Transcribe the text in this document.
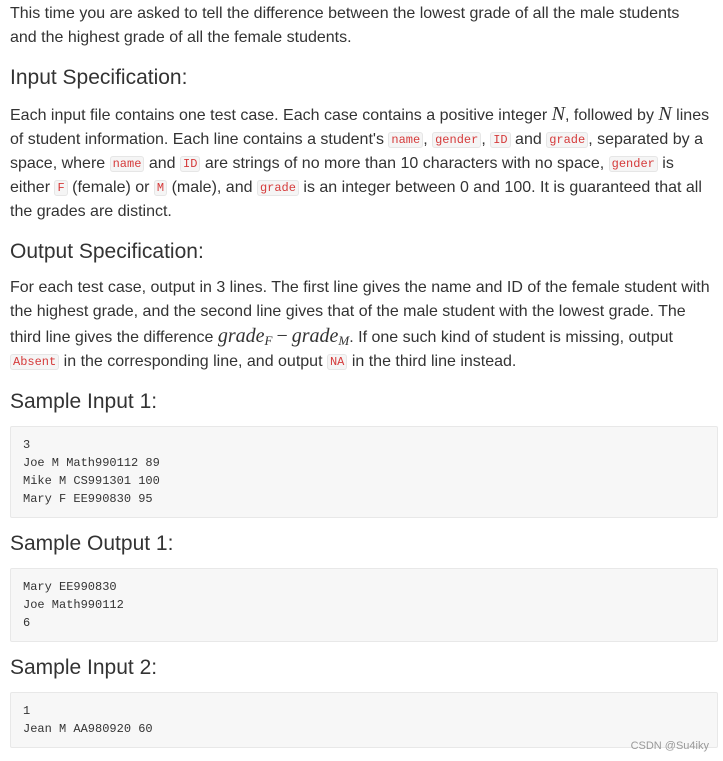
This time you are asked to tell the difference between the lowest grade of all the male students
and the highest grade of all the female students.

Input Specification:

Each input file contains one test case. Each case contains a positive integer N, followed by N lines of student information. Each line contains a student's name , gender , ID and grade , separated by a space, where name and ID are strings of no more than 10 characters with no space, gender is either F (female) or M (male), and grade is an integer between 0 and 100. It is guaranteed that all the grades are distinct.

Output Specification:

For each test case, output in 3 lines. The first line gives the name and ID of the female student with the highest grade, and the second line gives that of the male student with the lowest grade. The third line gives the difference grade$_F$ − grade$_M$. If one such kind of student is missing, output Absent in the corresponding line, and output NA in the third line instead.

Sample Input 1:
3
Joe M Math990112 89
Mike M CS991301 100
Mary F EE990830 95
Sample Output 1:
Mary EE990830
Joe Math990112
6
Sample Input 2:
1
Jean M AA980920 60
CSDN @Su4iky
